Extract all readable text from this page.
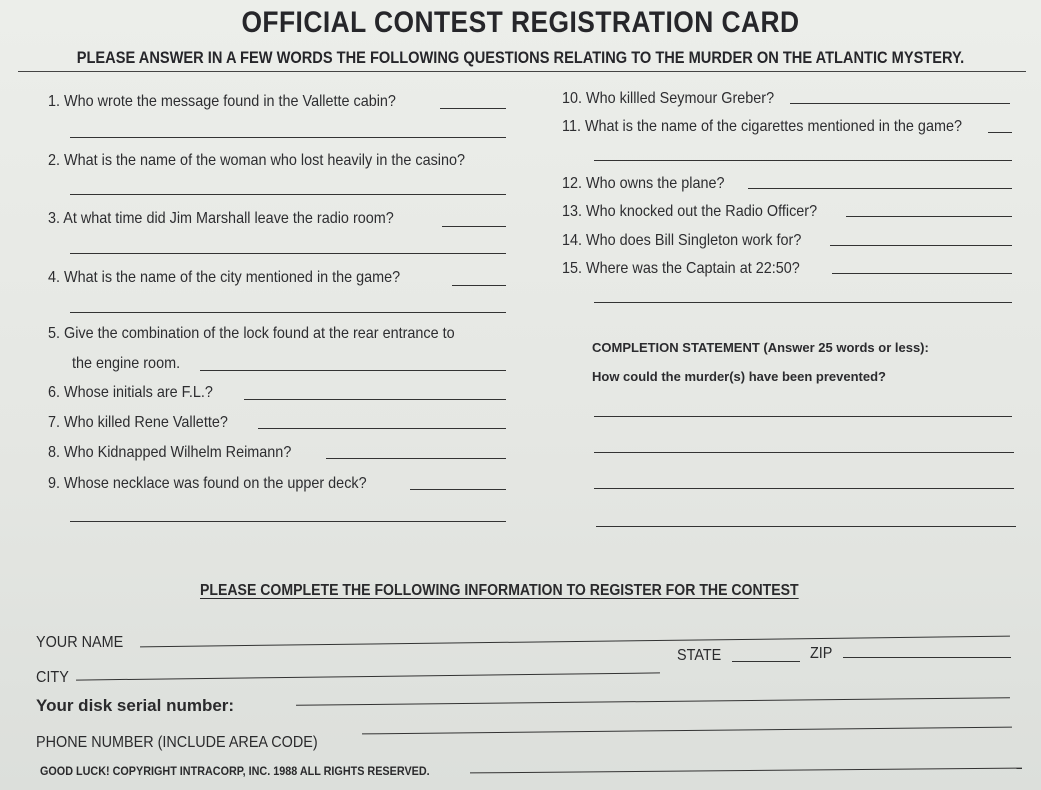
OFFICIAL CONTEST REGISTRATION CARD
PLEASE ANSWER IN A FEW WORDS THE FOLLOWING QUESTIONS RELATING TO THE MURDER ON THE ATLANTIC MYSTERY.
1. Who wrote the message found in the Vallette cabin?
2. What is the name of the woman who lost heavily in the casino?
3. At what time did Jim Marshall leave the radio room?
4. What is the name of the city mentioned in the game?
5. Give the combination of the lock found at the rear entrance to
the engine room.
6. Whose initials are F.L.?
7. Who killed Rene Vallette?
8. Who Kidnapped Wilhelm Reimann?
9. Whose necklace was found on the upper deck?
10. Who killled Seymour Greber?
11. What is the name of the cigarettes mentioned in the game?
12. Who owns the plane?
13. Who knocked out the Radio Officer?
14. Who does Bill Singleton work for?
15. Where was the Captain at 22:50?
COMPLETION STATEMENT (Answer 25 words or less):
How could the murder(s) have been prevented?
PLEASE COMPLETE THE FOLLOWING INFORMATION TO REGISTER FOR THE CONTEST
YOUR NAME
STATE	ZIP
CITY
Your disk serial number:
PHONE NUMBER (INCLUDE AREA CODE)
GOOD LUCK! COPYRIGHT INTRACORP, INC. 1988 ALL RIGHTS RESERVED.
